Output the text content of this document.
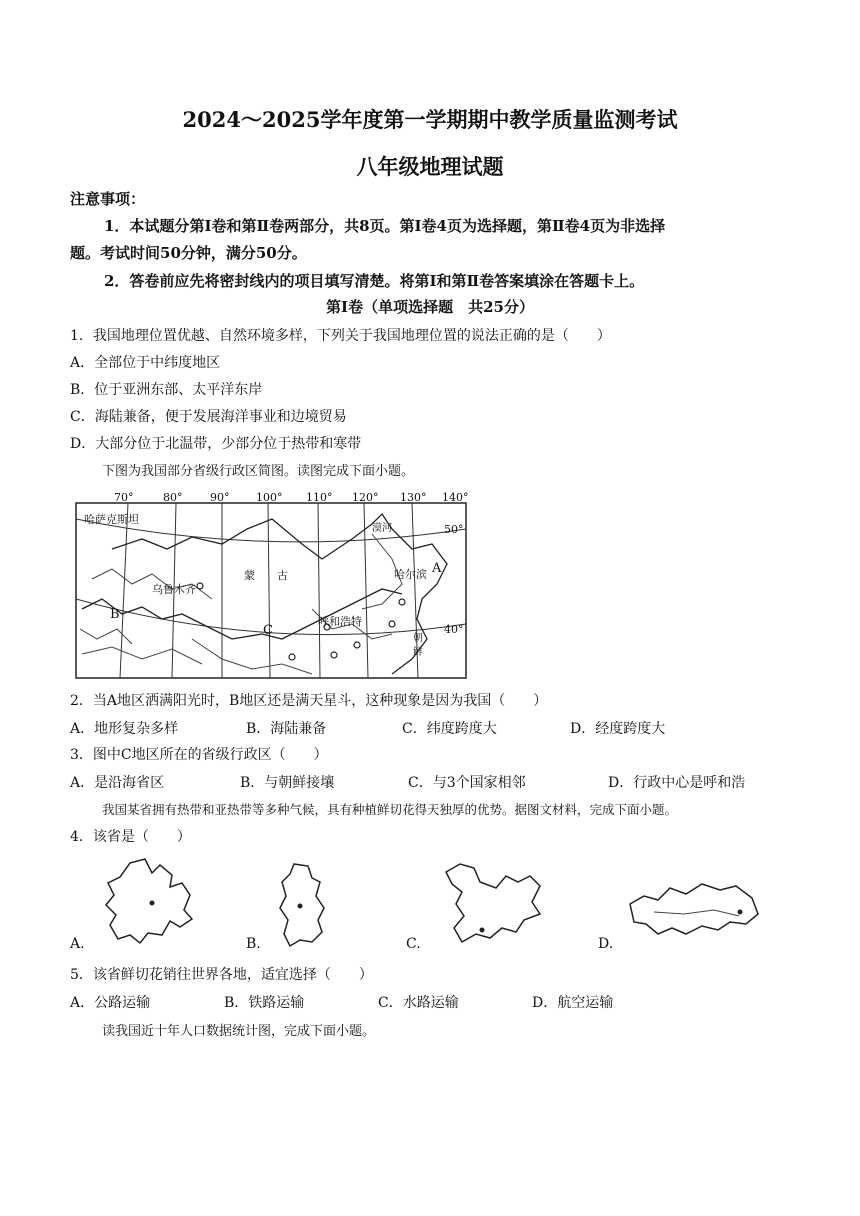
2024～2025学年度第一学期期中教学质量监测考试
八年级地理试题
注意事项：
1．本试题分第Ⅰ卷和第Ⅱ卷两部分，共8页。第Ⅰ卷4页为选择题，第Ⅱ卷4页为非选择
题。考试时间50分钟，满分50分。
2．答卷前应先将密封线内的项目填写清楚。将第Ⅰ和第Ⅱ卷答案填涂在答题卡上。
第Ⅰ卷（单项选择题　共25分）
1．我国地理位置优越、自然环境多样，下列关于我国地理位置的说法正确的是（　　）
A．全部位于中纬度地区
B．位于亚洲东部、太平洋东岸
C．海陆兼备，便于发展海洋事业和边境贸易
D．大部分位于北温带，少部分位于热带和寒带
下图为我国部分省级行政区简图。读图完成下面小题。
70°	80°	90° 100° 110° 120° 130° 140°
50°
40°
哈萨克斯坦
乌鲁木齐
蒙 古	哈尔滨
呼和浩特
漠河
朝
鲜
A
B
C
2．当A地区洒满阳光时，B地区还是满天星斗，这种现象是因为我国（　　）
A．地形复杂多样	B．海陆兼备	C．纬度跨度大	D．经度跨度大
3．图中C地区所在的省级行政区（　　）
A．是沿海省区	B．与朝鲜接壤	C．与3个国家相邻	D．行政中心是呼和浩
我国某省拥有热带和亚热带等多种气候，具有种植鲜切花得天独厚的优势。据图文材料，完成下面小题。
4．该省是（　　）
A.	B.	C.	D.
5．该省鲜切花销往世界各地，适宜选择（　　）
A．公路运输	B．铁路运输	C．水路运输	D．航空运输
读我国近十年人口数据统计图，完成下面小题。
